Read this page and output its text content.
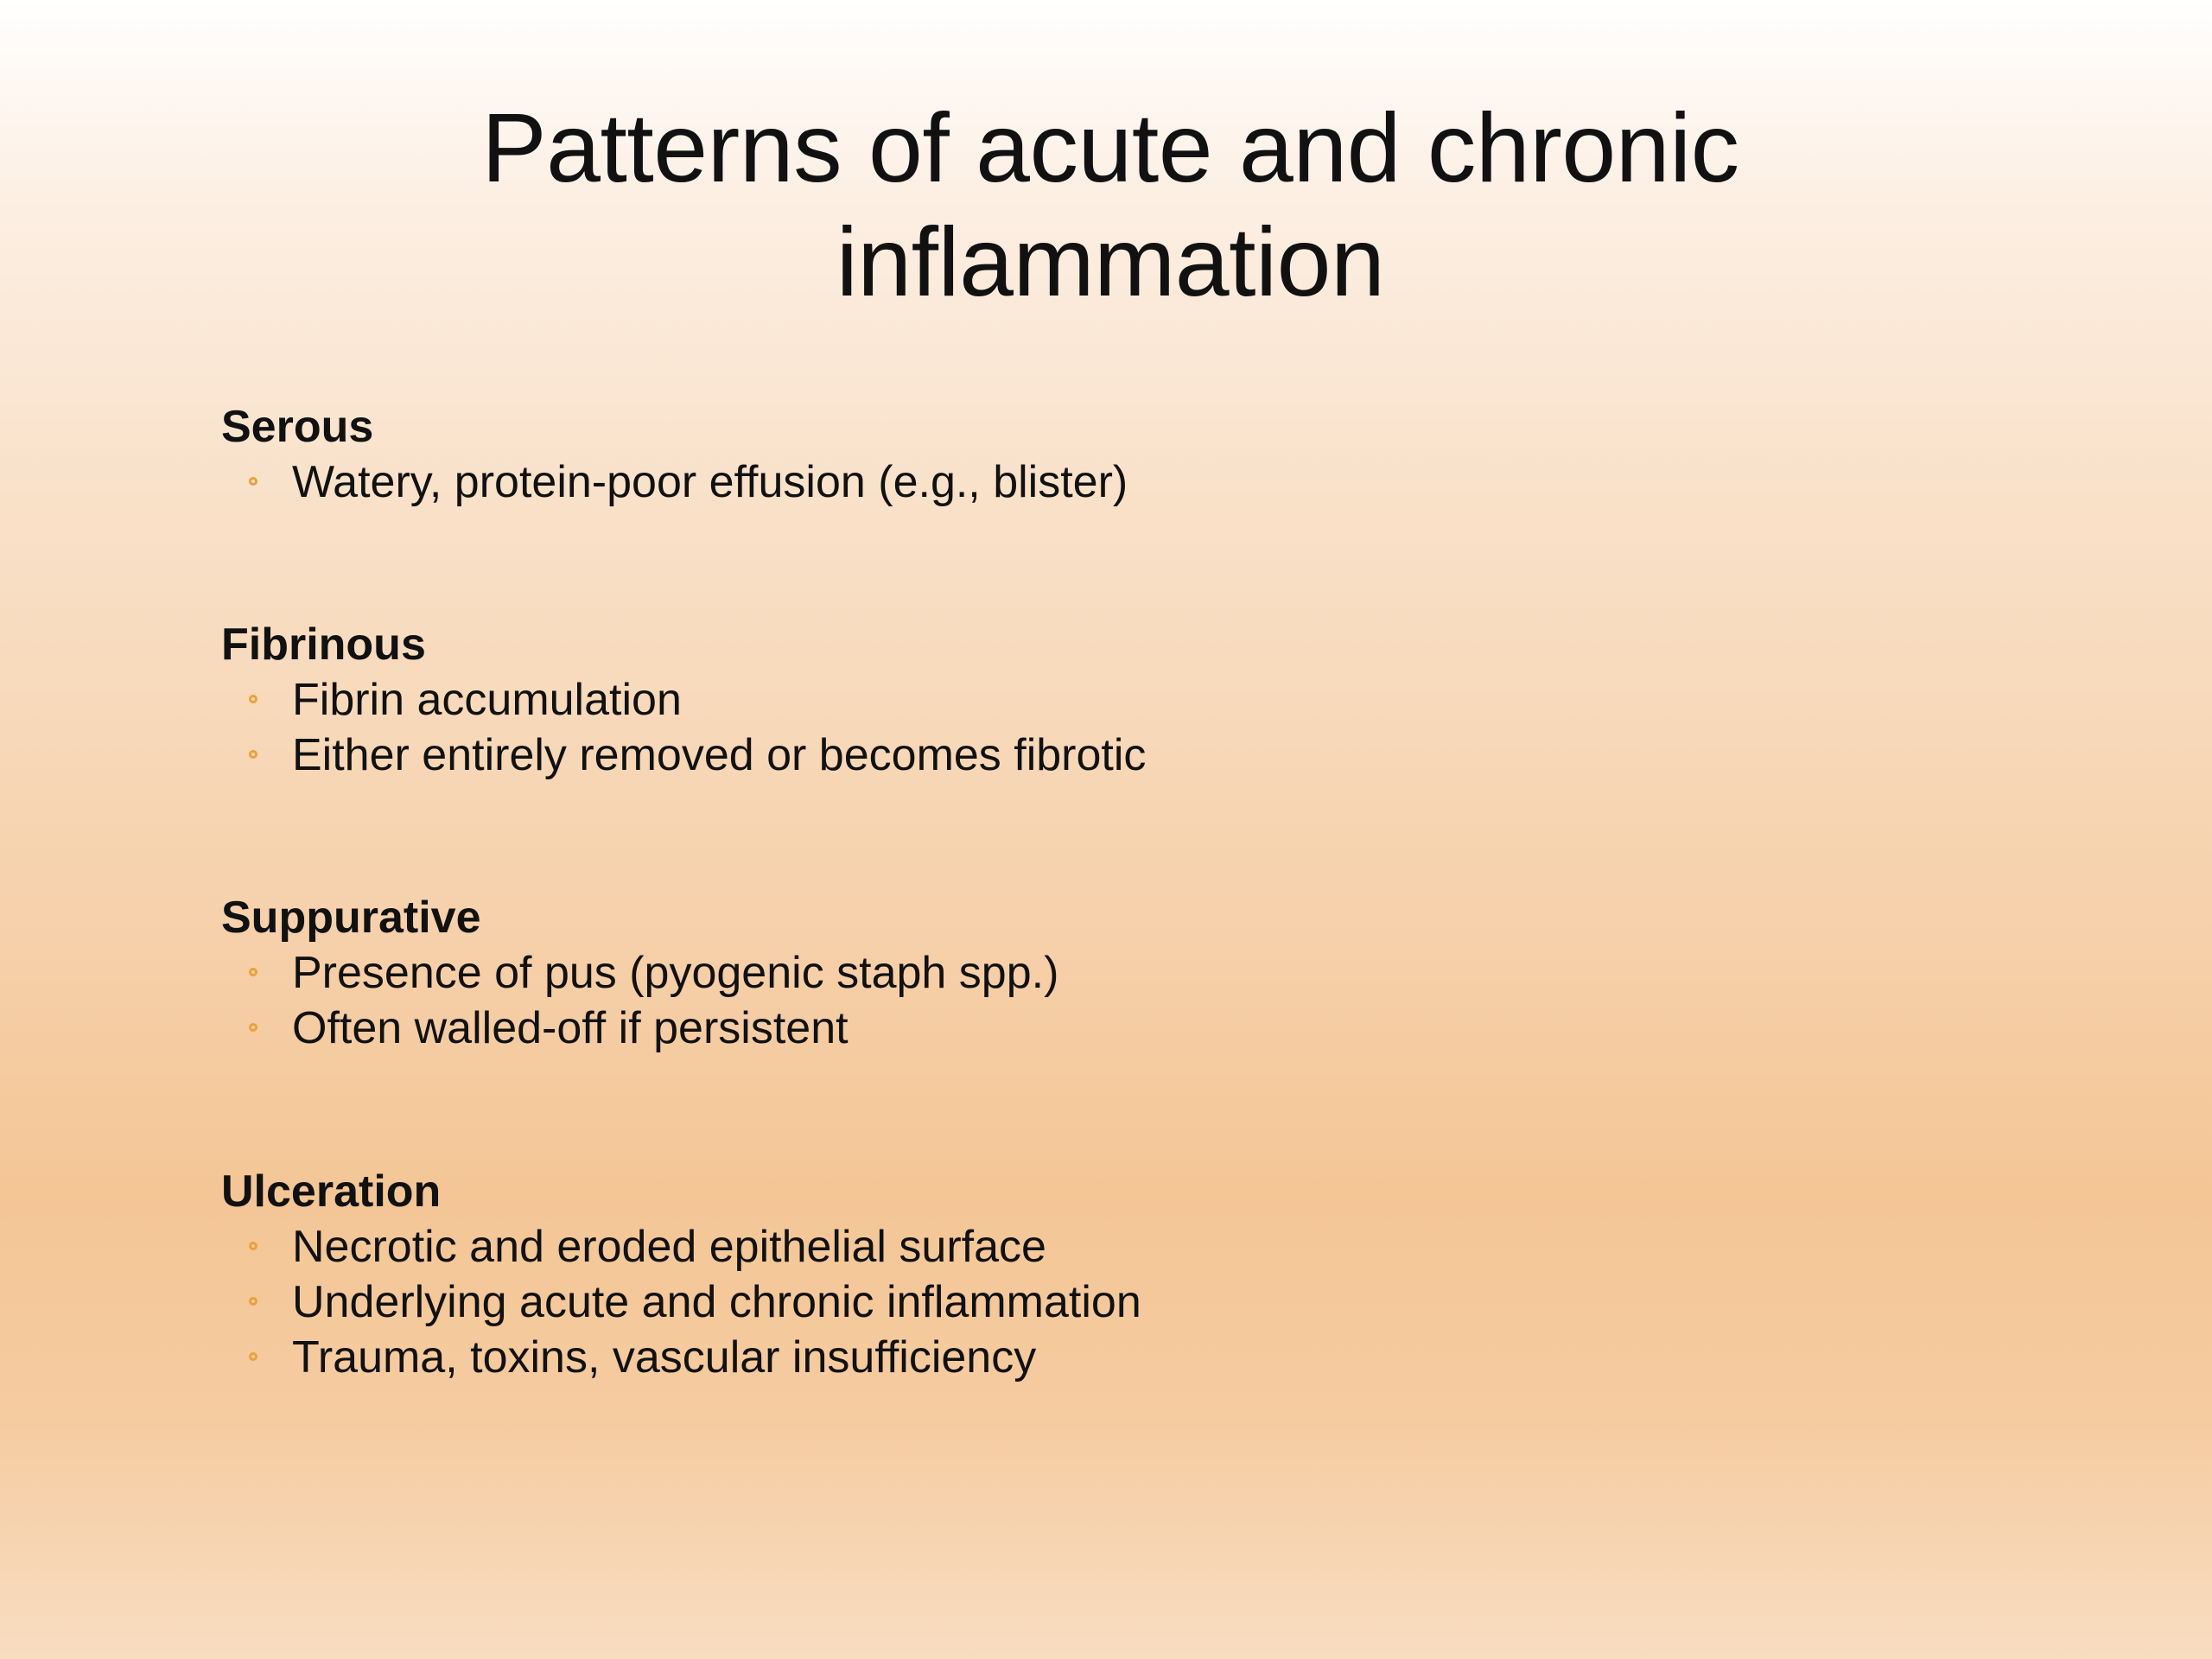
Patterns of acute and chronic inflammation

Serous

Watery, protein-poor effusion (e.g., blister)

Fibrinous

Fibrin accumulation
Either entirely removed or becomes fibrotic

Suppurative

Presence of pus (pyogenic staph spp.)
Often walled-off if persistent

Ulceration

Necrotic and eroded epithelial surface
Underlying acute and chronic inflammation
Trauma, toxins, vascular insufficiency
